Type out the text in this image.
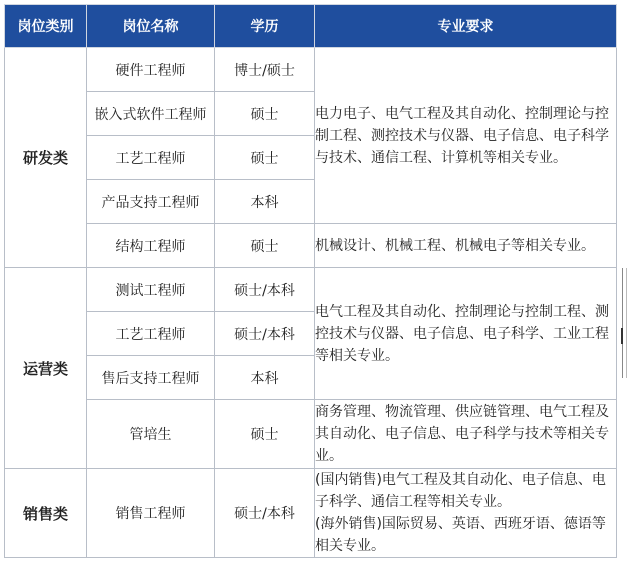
岗位类别	岗位名称	学历	专业要求
研发类	硬件工程师	博士/硕士	电力电子、电气工程及其自动化、控制理论与控制工程、测控技术与仪器、电子信息、电子科学与技术、通信工程、计算机等相关专业。
	嵌入式软件工程师	硕士	
	工艺工程师	硕士	
	产品支持工程师	本科	
	结构工程师	硕士	机械设计、机械工程、机械电子等相关专业。
运营类	测试工程师	硕士/本科	电气工程及其自动化、控制理论与控制工程、测控技术与仪器、电子信息、电子科学、工业工程等相关专业。
	工艺工程师	硕士/本科	
	售后支持工程师	本科	
	管培生	硕士	商务管理、物流管理、供应链管理、电气工程及其自动化、电子信息、电子科学与技术等相关专业。
销售类	销售工程师	硕士/本科	(国内销售)电气工程及其自动化、电子信息、电子科学、通信工程等相关专业。
(海外销售)国际贸易、英语、西班牙语、德语等相关专业。
